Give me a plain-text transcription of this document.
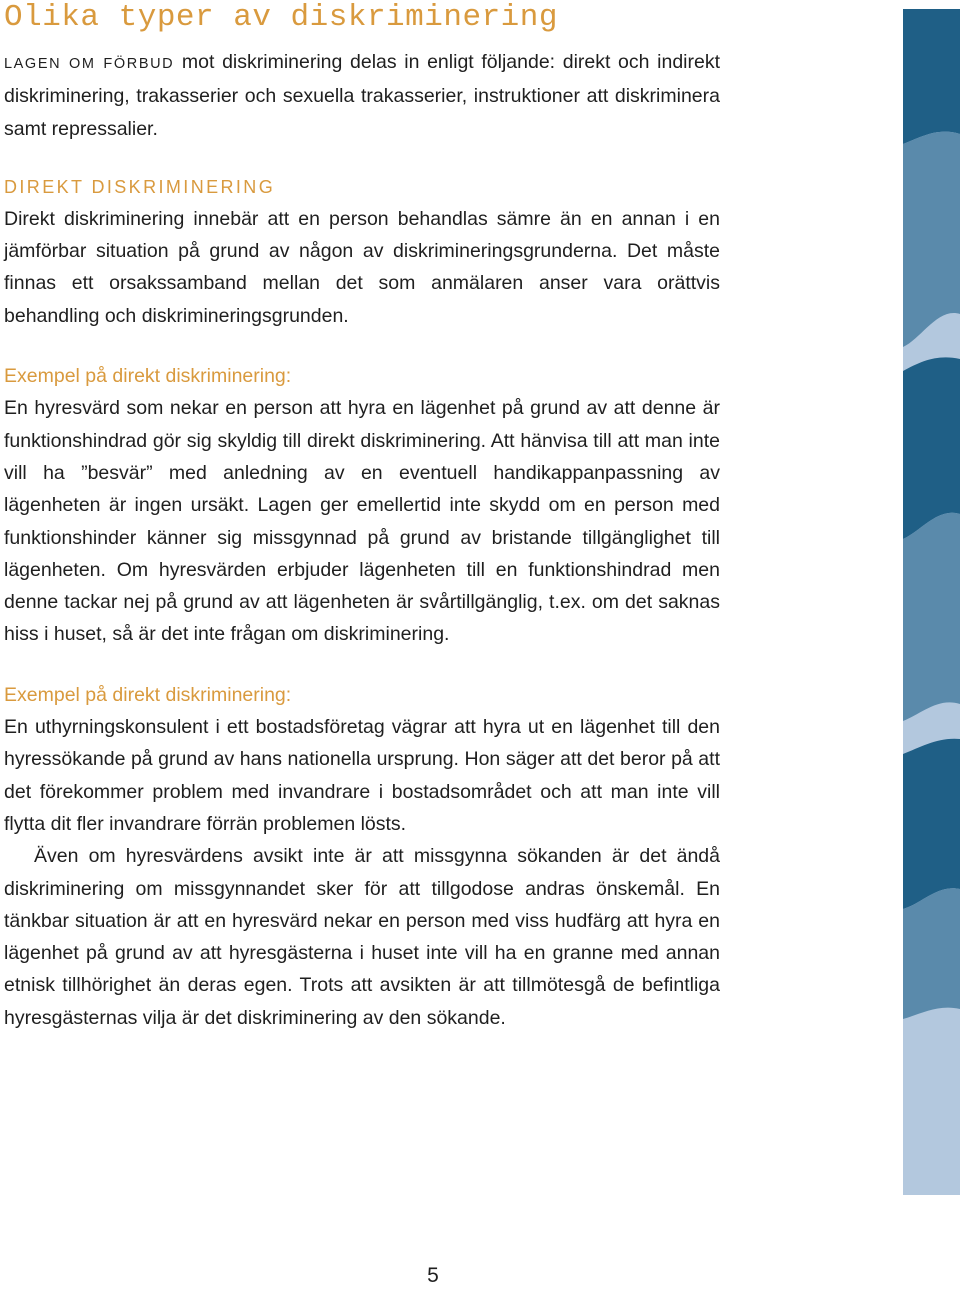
Olika typer av diskriminering

LAGEN OM FÖRBUD mot diskriminering delas in enligt följande: direkt och indirekt diskriminering, trakasserier och sexuella trakasserier, instruktioner att diskriminera samt repressalier.

DIREKT DISKRIMINERING

Direkt diskriminering innebär att en person behandlas sämre än en annan i en jämförbar situation på grund av någon av diskrimineringsgrunderna. Det måste finnas ett orsakssamband mellan det som anmälaren anser vara orättvis behandling och diskrimineringsgrunden.

Exempel på direkt diskriminering:

En hyresvärd som nekar en person att hyra en lägenhet på grund av att denne är funktionshindrad gör sig skyldig till direkt diskriminering. Att hänvisa till att man inte vill ha ”besvär” med anledning av en eventuell handikappanpassning av lägenheten är ingen ursäkt. Lagen ger emellertid inte skydd om en person med funktionshinder känner sig missgynnad på grund av bristande tillgänglighet till lägenheten. Om hyresvärden erbjuder lägenheten till en funktionshindrad men denne tackar nej på grund av att lägenheten är svårtillgänglig, t.ex. om det saknas hiss i huset, så är det inte frågan om diskriminering.

Exempel på direkt diskriminering:

En uthyrningskonsulent i ett bostadsföretag vägrar att hyra ut en lägenhet till den hyressökande på grund av hans nationella ursprung. Hon säger att det beror på att det förekommer problem med invandrare i bostadsområdet och att man inte vill flytta dit fler invandrare förrän problemen lösts.

Även om hyresvärdens avsikt inte är att missgynna sökanden är det ändå diskriminering om missgynnandet sker för att tillgodose andras önskemål. En tänkbar situation är att en hyresvärd nekar en person med viss hudfärg att hyra en lägenhet på grund av att hyresgästerna i huset inte vill ha en granne med annan etnisk tillhörighet än deras egen. Trots att avsikten är att tillmötesgå de befintliga hyresgästernas vilja är det diskriminering av den sökande.

5
